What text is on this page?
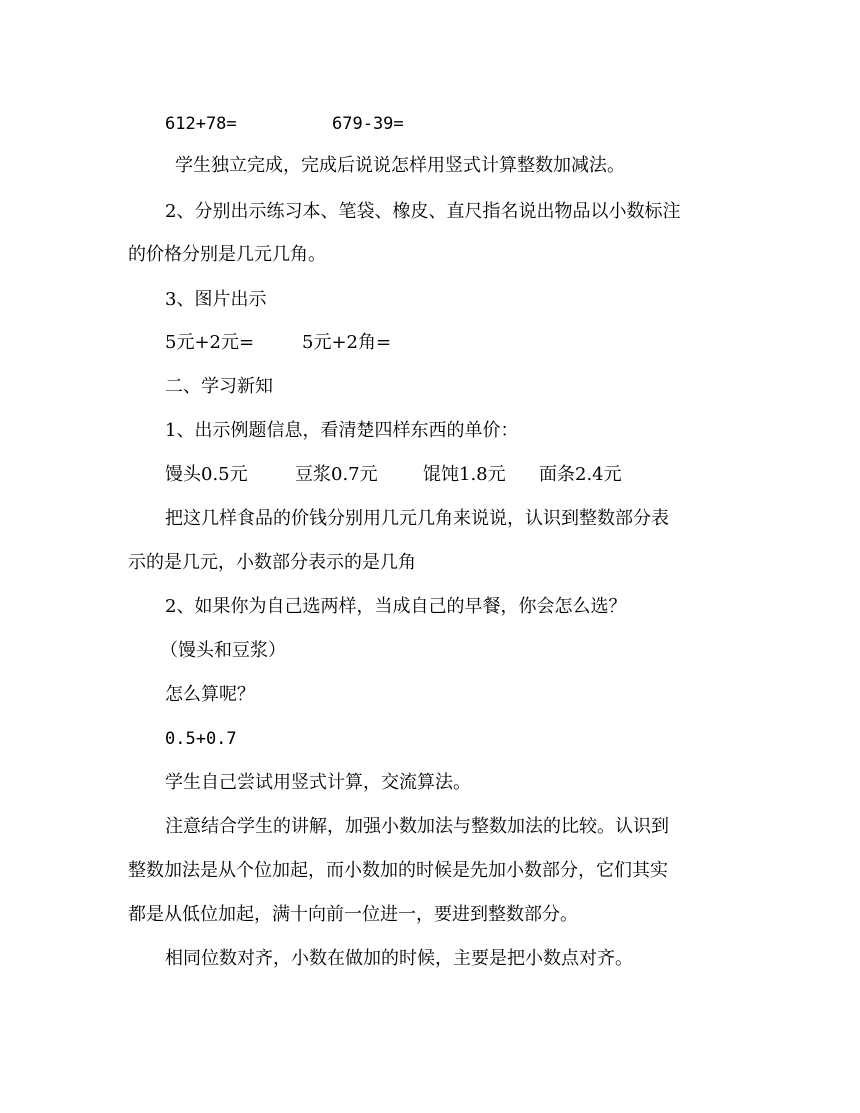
612+78=	679-39=
学生独立完成，完成后说说怎样用竖式计算整数加减法。
2、分别出示练习本、笔袋、橡皮、直尺指名说出物品以小数标注
的价格分别是几元几角。
3、图片出示
5元+2元=	5元+2角=
二、学习新知
1、出示例题信息，看清楚四样东西的单价：
馒头0.5元	豆浆0.7元	馄饨1.8元 面条2.4元
把这几样食品的价钱分别用几元几角来说说，认识到整数部分表
示的是几元，小数部分表示的是几角
2、如果你为自己选两样，当成自己的早餐，你会怎么选？
（馒头和豆浆）
怎么算呢？
0.5+0.7
学生自己尝试用竖式计算，交流算法。
注意结合学生的讲解，加强小数加法与整数加法的比较。认识到
整数加法是从个位加起，而小数加的时候是先加小数部分，它们其实
都是从低位加起，满十向前一位进一，要进到整数部分。
相同位数对齐，小数在做加的时候，主要是把小数点对齐。
